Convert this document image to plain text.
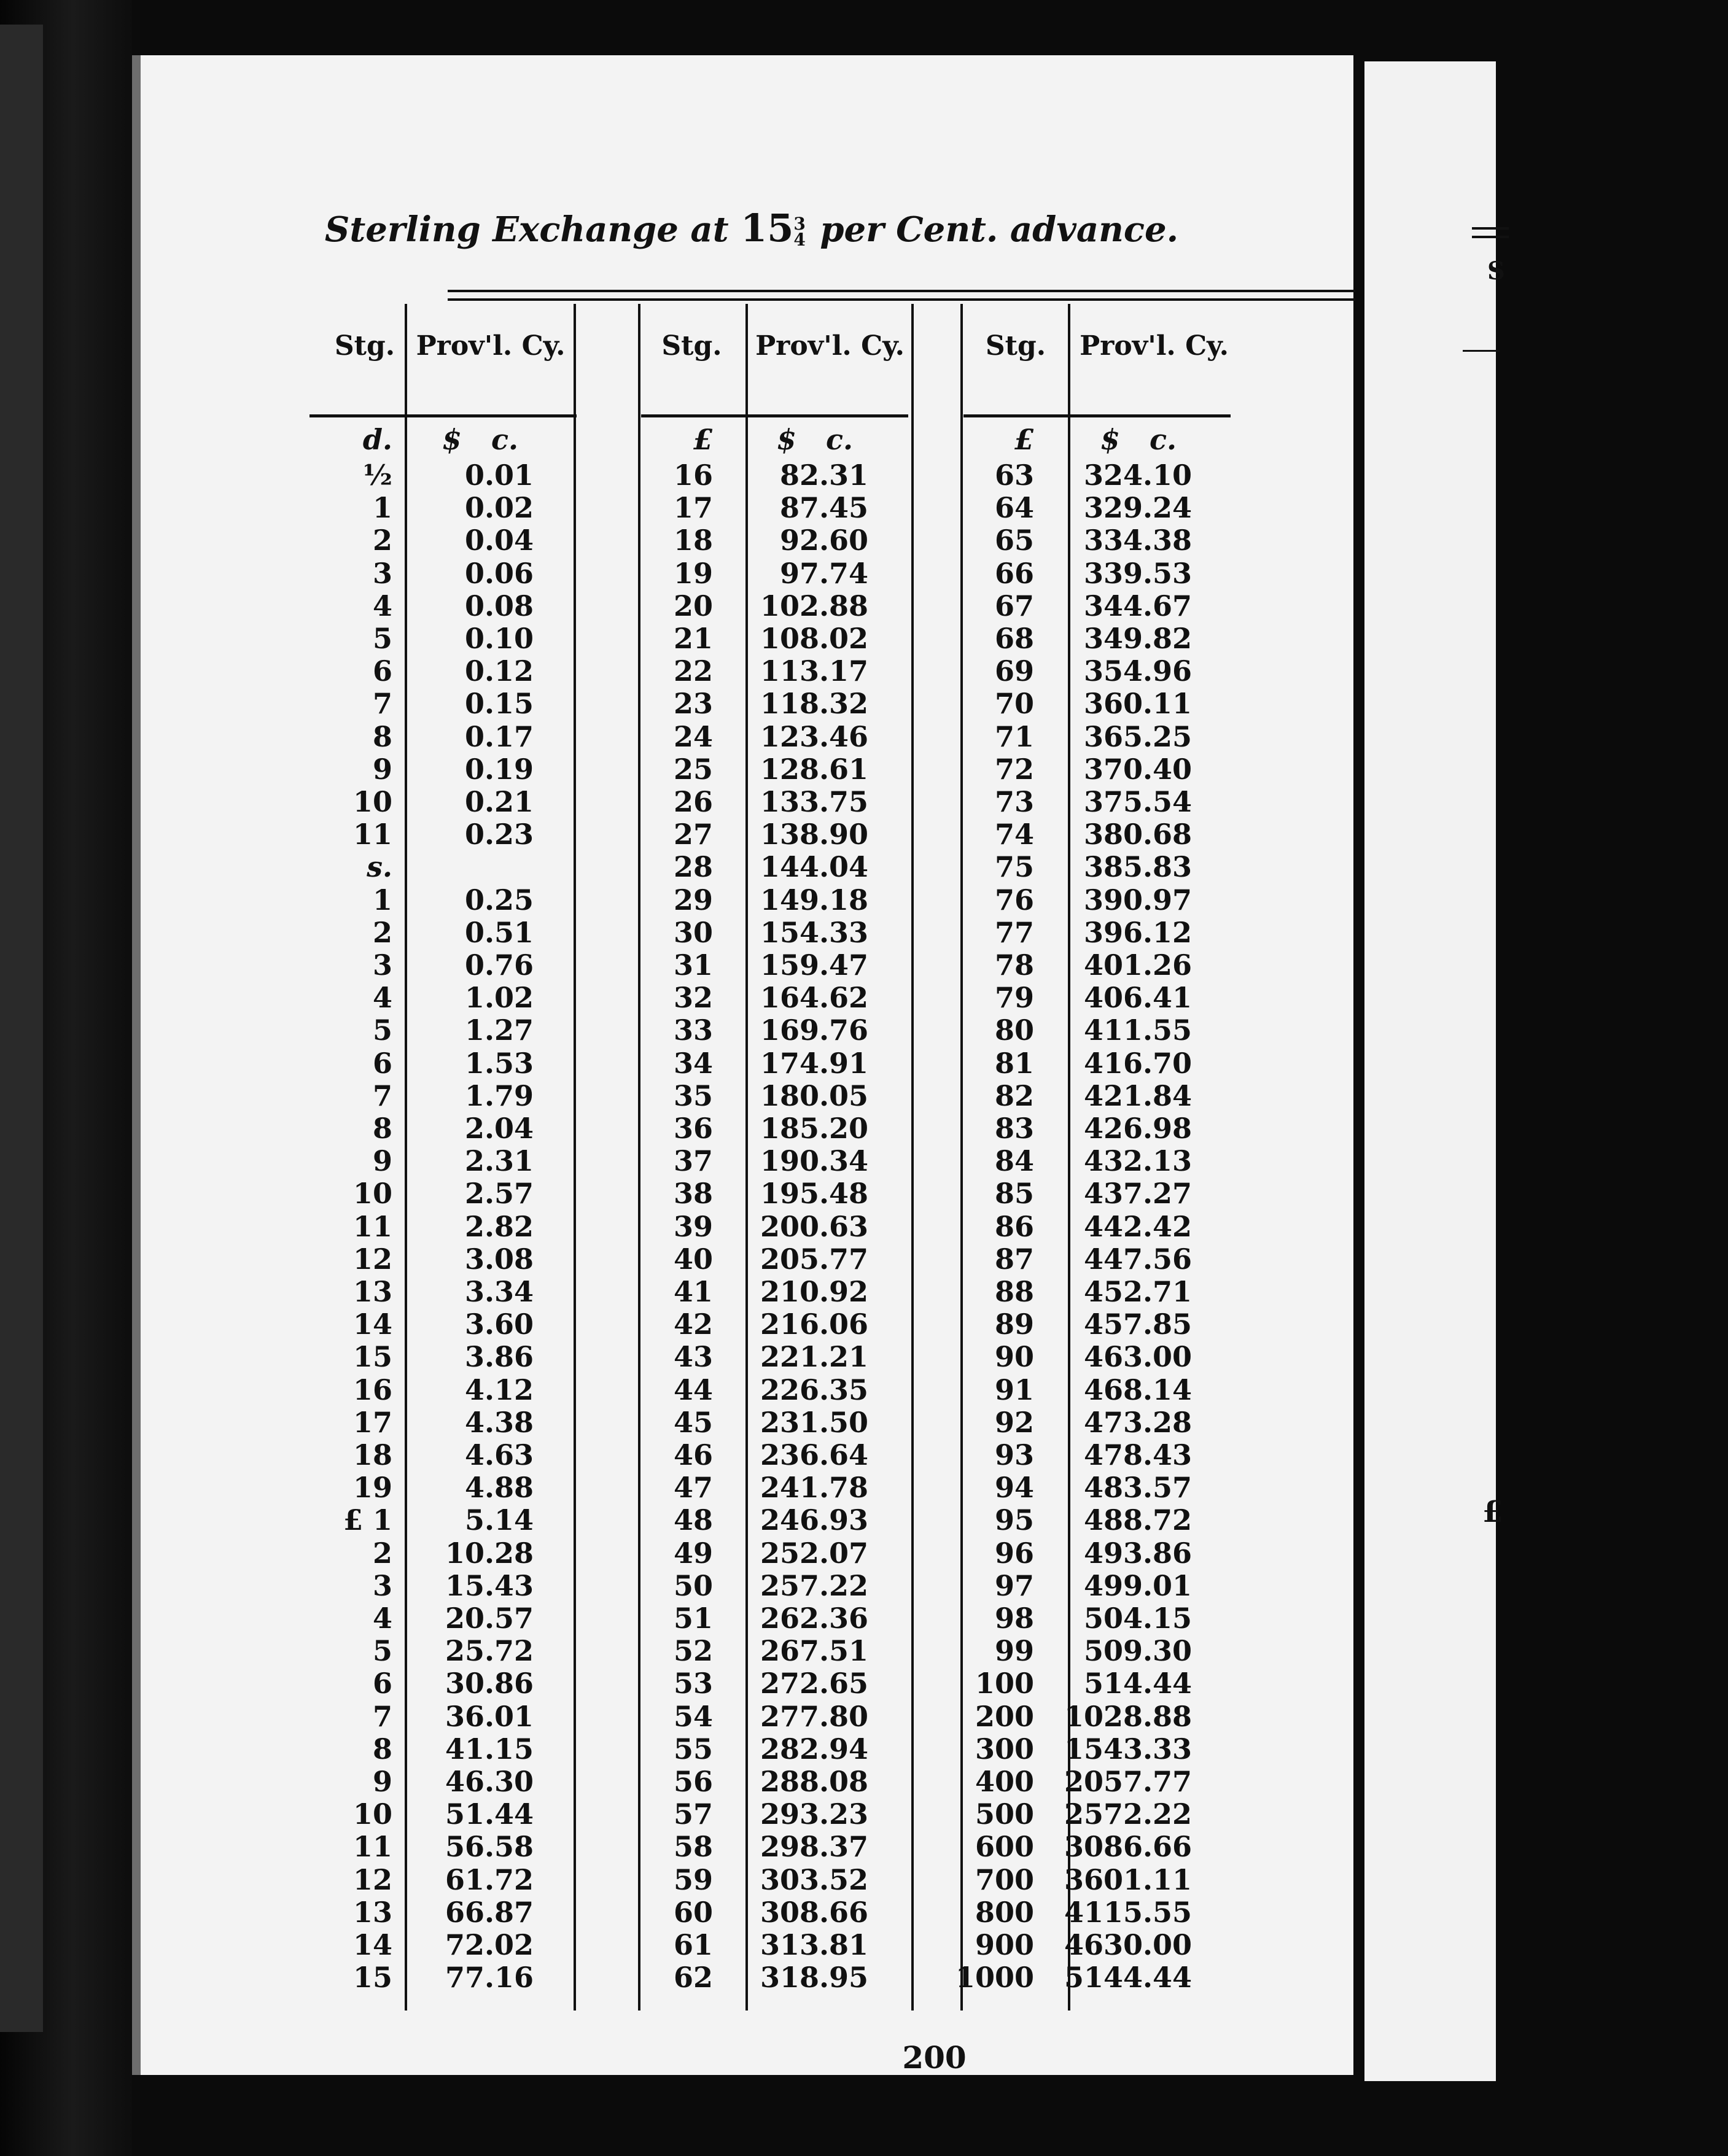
S
£
Sterling Exchange at 15 3
4 per Cent. advance.
Stg. Prov'l. Cy.
d. $   c.
½	0.01
1	0.02
2	0.04
3	0.06
4	0.08
5	0.10
6	0.12
7	0.15
8	0.17
9	0.19
10	0.21
11	0.23
s.
1	0.25
2	0.51
3	0.76
4	1.02
5	1.27
6	1.53
7	1.79
8	2.04
9	2.31
10	2.57
11	2.82
12	3.08
13	3.34
14	3.60
15	3.86
16	4.12
17	4.38
18	4.63
19	4.88
£ 1	5.14
2 10.28
3 15.43
4 20.57
5 25.72
6 30.86
7 36.01
8 41.15
9 46.30
10 51.44
11 56.58
12 61.72
13 66.87
14 72.02
15 77.16
Stg.	Prov'l. Cy.
£ $   c.
16 82.31
17 87.45
18 92.60
19 97.74
20 102.88
21 108.02
22 113.17
23 118.32
24 123.46
25 128.61
26 133.75
27 138.90
28 144.04
29 149.18
30 154.33
31 159.47
32 164.62
33 169.76
34 174.91
35 180.05
36 185.20
37 190.34
38 195.48
39 200.63
40 205.77
41 210.92
42 216.06
43 221.21
44 226.35
45 231.50
46 236.64
47 241.78
48 246.93
49 252.07
50 257.22
51 262.36
52 267.51
53 272.65
54 277.80
55 282.94
56 288.08
57 293.23
58 298.37
59 303.52
60 308.66
61 313.81
62 318.95
Stg.	Prov'l. Cy.
£ $   c.
63 324.10
64 329.24
65 334.38
66 339.53
67 344.67
68 349.82
69 354.96
70 360.11
71 365.25
72 370.40
73 375.54
74 380.68
75 385.83
76 390.97
77 396.12
78 401.26
79 406.41
80 411.55
81 416.70
82 421.84
83 426.98
84 432.13
85 437.27
86 442.42
87 447.56
88 452.71
89 457.85
90 463.00
91 468.14
92 473.28
93 478.43
94 483.57
95 488.72
96 493.86
97 499.01
98 504.15
99 509.30
100 514.44
200 1028.88
300 1543.33
400 2057.77
500 2572.22
600 3086.66
700 3601.11
800 4115.55
900 4630.00
1000 5144.44
200
